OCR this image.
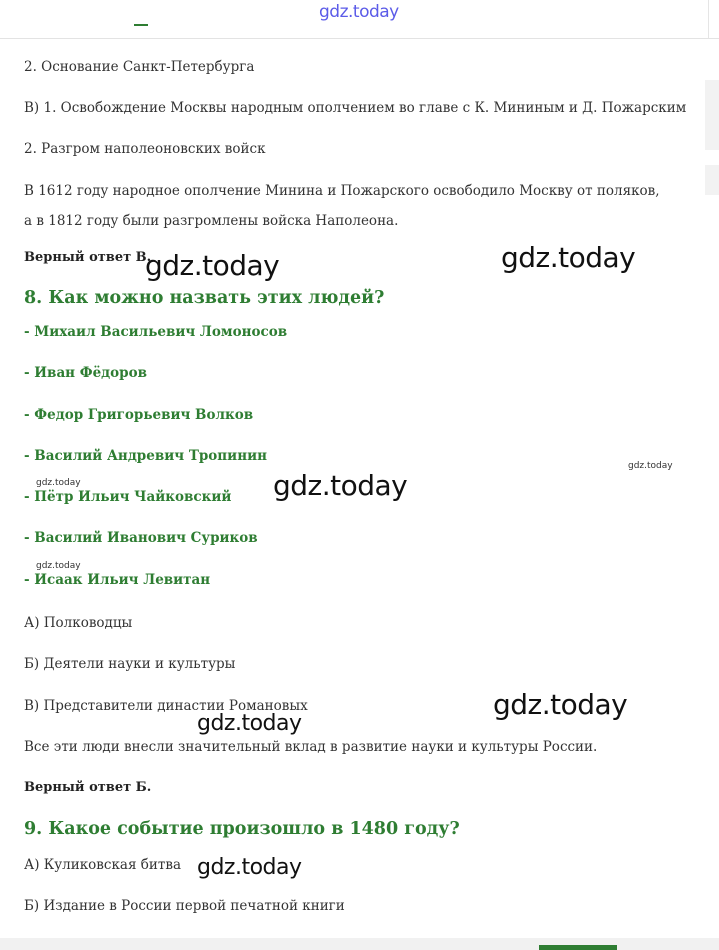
gdz.today
2. Основание Санкт-Петербурга
В) 1. Освобождение Москвы народным ополчением во главе с К. Мининым и Д. Пожарским
2. Разгром наполеоновских войск
В 1612 году народное ополчение Минина и Пожарского освободило Москву от поляков, а в 1812 году были разгромлены войска Наполеона.
Верный ответ В.
8. Как можно назвать этих людей?
- Михаил Васильевич Ломоносов
- Иван Фёдоров
- Федор Григорьевич Волков
- Василий Андревич Тропинин
- Пётр Ильич Чайковский
- Василий Иванович Суриков
- Исаак Ильич Левитан
А) Полководцы
Б) Деятели науки и культуры
В) Представители династии Романовых
Все эти люди внесли значительный вклад в развитие науки и культуры России.
Верный ответ Б.
9. Какое событие произошло в 1480 году?
А) Куликовская битва
Б) Издание в России первой печатной книги
gdz.today	gdz.today
gdz.today
gdz.today
gdz.today
gdz.today
gdz.today
gdz.today
gdz.today
